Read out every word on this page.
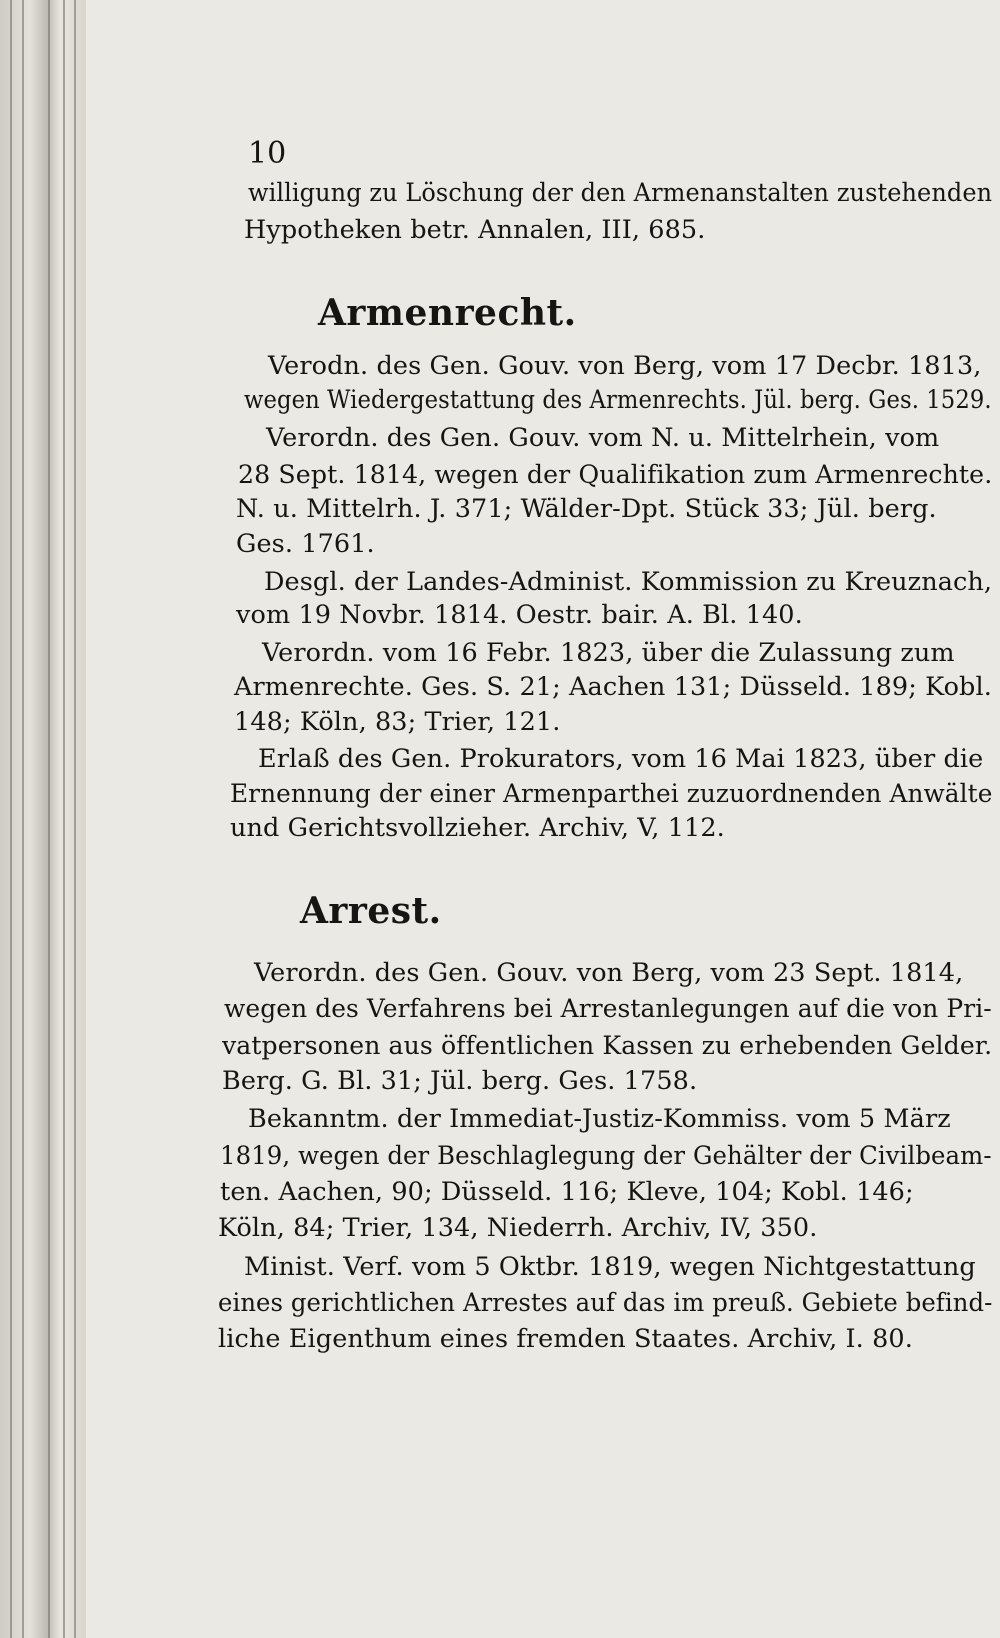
10
willigung zu Löschung der den Armenanstalten zustehenden
Hypotheken betr. Annalen, III, 685.
Armenrecht.
Verodn. des Gen. Gouv. von Berg, vom 17 Decbr. 1813,
wegen Wiedergestattung des Armenrechts. Jül. berg. Ges. 1529.
Verordn. des Gen. Gouv. vom N. u. Mittelrhein, vom
28 Sept. 1814, wegen der Qualifikation zum Armenrechte.
N. u. Mittelrh. J. 371; Wälder-Dpt. Stück 33; Jül. berg.
Ges. 1761.
Desgl. der Landes-Administ. Kommission zu Kreuznach,
vom 19 Novbr. 1814. Oestr. bair. A. Bl. 140.
Verordn. vom 16 Febr. 1823, über die Zulassung zum
Armenrechte. Ges. S. 21; Aachen 131; Düsseld. 189; Kobl.
148; Köln, 83; Trier, 121.
Erlaß des Gen. Prokurators, vom 16 Mai 1823, über die
Ernennung der einer Armenparthei zuzuordnenden Anwälte
und Gerichtsvollzieher. Archiv, V, 112.
Arrest.
Verordn. des Gen. Gouv. von Berg, vom 23 Sept. 1814,
wegen des Verfahrens bei Arrestanlegungen auf die von Pri-
vatpersonen aus öffentlichen Kassen zu erhebenden Gelder.
Berg. G. Bl. 31; Jül. berg. Ges. 1758.
Bekanntm. der Immediat-Justiz-Kommiss. vom 5 März
1819, wegen der Beschlaglegung der Gehälter der Civilbeam-
ten. Aachen, 90; Düsseld. 116; Kleve, 104; Kobl. 146;
Köln, 84; Trier, 134, Niederrh. Archiv, IV, 350.
Minist. Verf. vom 5 Oktbr. 1819, wegen Nichtgestattung
eines gerichtlichen Arrestes auf das im preuß. Gebiete befind-
liche Eigenthum eines fremden Staates. Archiv, I. 80.
